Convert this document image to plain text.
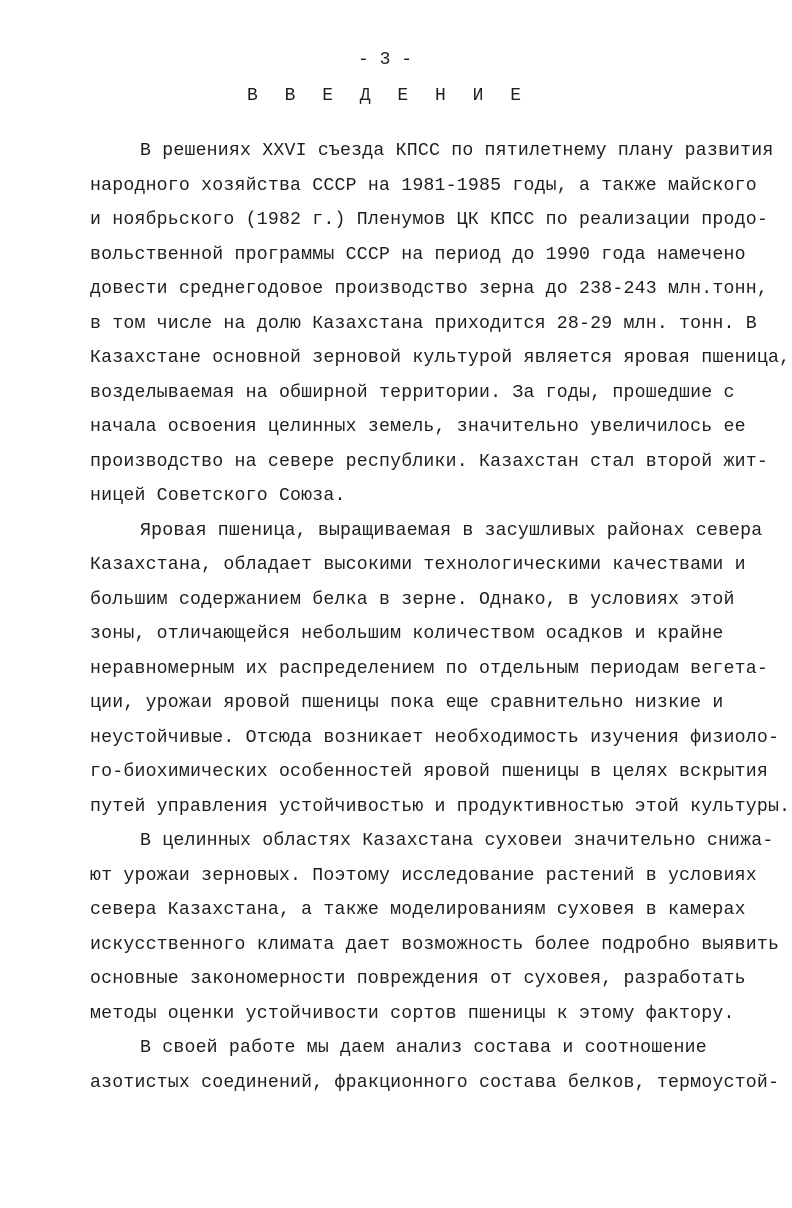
- 3 -
В В Е Д Е Н И Е
В решениях XXVI съезда КПСС по пятилетнему плану развития
народного хозяйства СССР на 1981-1985 годы, а также майского
и ноябрьского (1982 г.) Пленумов ЦК КПСС по реализации продо-
вольственной программы СССР на период до 1990 года намечено
довести среднегодовое производство зерна до 238-243 млн.тонн,
в том числе на долю Казахстана приходится 28-29 млн. тонн. В
Казахстане основной зерновой культурой является яровая пшеница,
возделываемая на обширной территории. За годы, прошедшие с
начала освоения целинных земель, значительно увеличилось ее
производство на севере республики. Казахстан стал второй жит-
ницей Советского Союза.
Яровая пшеница, выращиваемая в засушливых районах севера
Казахстана, обладает высокими технологическими качествами и
большим содержанием белка в зерне. Однако, в условиях этой
зоны, отличающейся небольшим количеством осадков и крайне
неравномерным их распределением по отдельным периодам вегета-
ции, урожаи яровой пшеницы пока еще сравнительно низкие и
неустойчивые. Отсюда возникает необходимость изучения физиоло-
го-биохимических особенностей яровой пшеницы в целях вскрытия
путей управления устойчивостью и продуктивностью этой культуры.
В целинных областях Казахстана суховеи значительно снижа-
ют урожаи зерновых. Поэтому исследование растений в условиях
севера Казахстана, а также моделированиям суховея в камерах
искусственного климата дает возможность более подробно выявить
основные закономерности повреждения от суховея, разработать
методы оценки устойчивости сортов пшеницы к этому фактору.
В своей работе мы даем анализ состава и соотношение
азотистых соединений, фракционного состава белков, термоустой-
